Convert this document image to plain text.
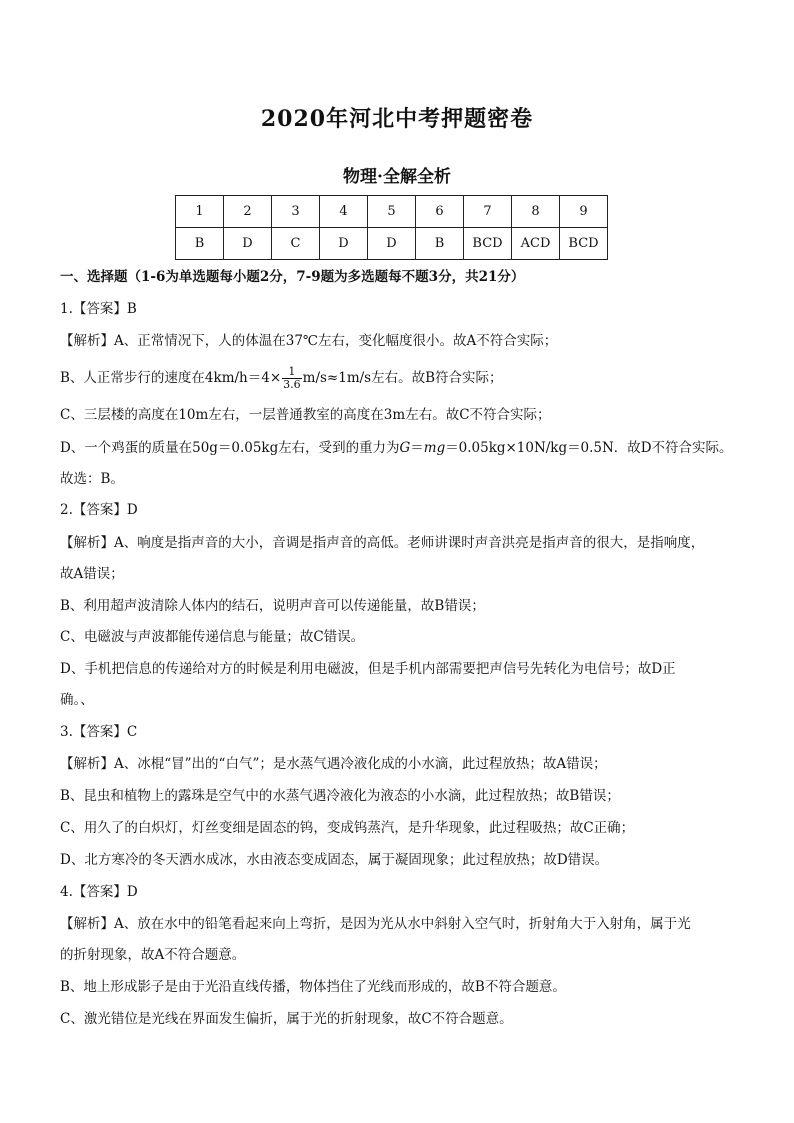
2020年河北中考押题密卷
物理·全解全析
1	2	3	4	5	6	7	8	9
B	D	C	D	D	B	BCD	ACD	BCD
一、选择题（1-6为单选题每小题2分，7-9题为多选题每不题3分，共21分）
1.【答案】B
【解析】A、正常情况下，人的体温在37℃左右，变化幅度很小。故A不符合实际；
B、人正常步行的速度在$4km/h=4\times \frac{1}{3.6} m/s\approx 1m/s$左右。故B符合实际；
C、三层楼的高度在10m左右，一层普通教室的高度在3m左右。故C不符合实际；
D、一个鸡蛋的质量在50g＝0.05kg左右，受到的重力为G＝mg＝0.05kg×10N/kg＝0.5N．故D不符合实际。
故选：B。
2.【答案】D
【解析】A、响度是指声音的大小，音调是指声音的高低。老师讲课时声音洪亮是指声音的很大，是指响度，
故A错误；
B、利用超声波清除人体内的结石，说明声音可以传递能量，故B错误；
C、电磁波与声波都能传递信息与能量；故C错误。
D、手机把信息的传递给对方的时候是利用电磁波，但是手机内部需要把声信号先转化为电信号；故D正
确。、
3.【答案】C
【解析】A、冰棍“冒”出的“白气”；是水蒸气遇冷液化成的小水滴，此过程放热；故A错误；
B、昆虫和植物上的露珠是空气中的水蒸气遇冷液化为液态的小水滴，此过程放热；故B错误；
C、用久了的白炽灯，灯丝变细是固态的钨，变成钨蒸汽，是升华现象，此过程吸热；故C正确；
D、北方寒冷的冬天洒水成冰，水由液态变成固态，属于凝固现象；此过程放热；故D错误。
4.【答案】D
【解析】A、放在水中的铅笔看起来向上弯折，是因为光从水中斜射入空气时，折射角大于入射角，属于光
的折射现象，故A不符合题意。
B、地上形成影子是由于光沿直线传播，物体挡住了光线而形成的，故B不符合题意。
C、激光错位是光线在界面发生偏折，属于光的折射现象，故C不符合题意。
